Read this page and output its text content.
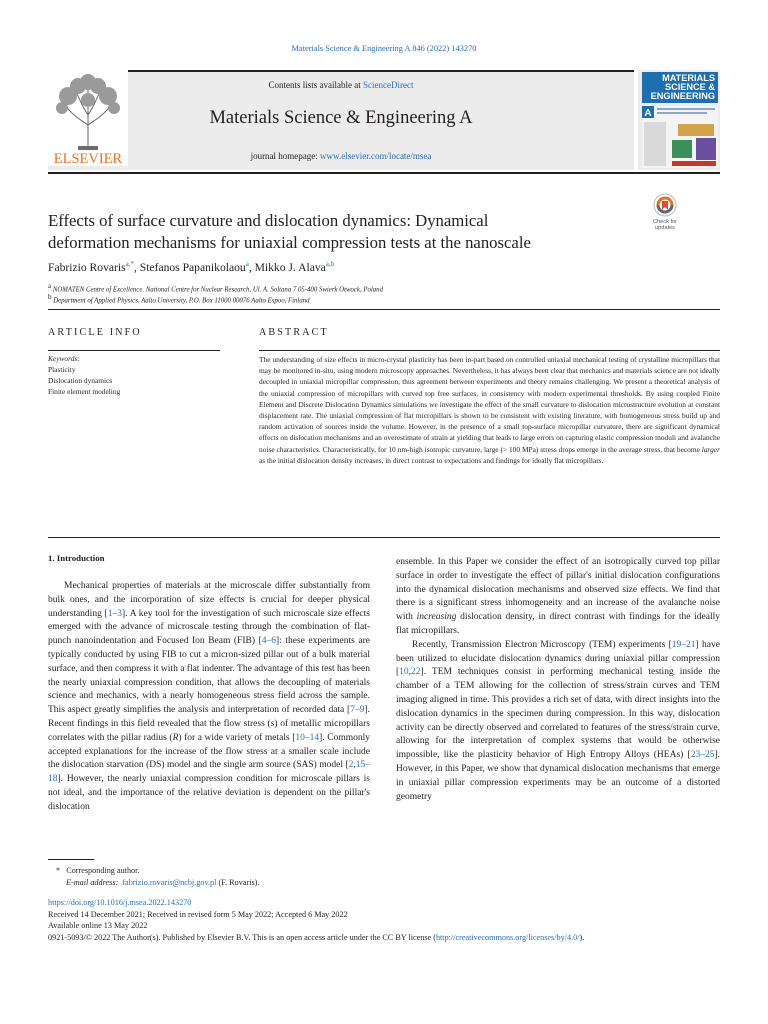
Materials Science & Engineering A 846 (2022) 143270
ELSEVIER
Contents lists available at ScienceDirect
Materials Science & Engineering A
journal homepage: www.elsevier.com/locate/msea
MATERIALS SCIENCE & ENGINEERING
A
Effects of surface curvature and dislocation dynamics: Dynamical
deformation mechanisms for uniaxial compression tests at the nanoscale
Check for
updates
Fabrizio Rovaris$^{a,*}$, Stefanos Papanikolaou$^a$, Mikko J. Alava$^{a,b}$
$^a$ NOMATEN Centre of Excellence. National Centre for Nuclear Research, Ul. A. Soltana 7 05-400 Swierk Otwock, Poland
$^b$ Department of Applied Physics, Aalto University, P.O. Box 11000 00076 Aalto Espoo, Finland
ARTICLE INFO	ABSTRACT
Keywords:
Plasticity
Dislocation dynamics
Finite element modeling
The understanding of size effects in micro-crystal plasticity has been in-part based on controlled uniaxial mechanical testing of crystalline micropillars that may be monitored in-situ, using modern microscopy approaches. Nevertheless, it has always been clear that mechanics and materials science are not ideally decoupled in uniaxial micropillar compression, thus agreement between experiments and theory remains challenging. We present a theoretical analysis of the uniaxial compression of micropillars with curved top free surfaces, in consistency with modern experimental thresholds. By using coupled Finite Element and Discrete Dislocation Dynamics simulations we investigate the effect of the small curvature to dislocation microstructure evolution at constant displacement rate. The uniaxial compression of flat micropillars is shown to be consistent with existing literature, with homogeneous stress build up and random activation of sources inside the volume. However, in the presence of a small top-surface micropillar curvature, there are significant dynamical effects on dislocation mechanisms and an overestimate of strain at yielding that leads to large errors on capturing elastic compression moduli and avalanche noise characteristics. Characteristically, for 10 nm-high isotropic curvature, large (> 100 MPa) stress drops emerge in the average stress, that become larger as the initial dislocation density increases, in direct contrast to expectations and findings for ideally flat micropillars.
1. Introduction
Mechanical properties of materials at the microscale differ substantially from bulk ones, and the incorporation of size effects is crucial for deeper physical understanding [1–3]. A key tool for the investigation of such microscale size effects emerged with the advance of microscale testing through the combination of flat-punch nanoindentation and Focused Ion Beam (FIB) [4–6]: these experiments are typically conducted by using FIB to cut a micron-sized pillar out of a bulk material surface, and then compress it with a flat indenter. The advantage of this test has been the nearly uniaxial compression condition, that allows the decoupling of materials science and mechanics, with a nearly homogeneous stress field across the sample. This aspect greatly simplifies the analysis and interpretation of recorded data [7–9]. Recent findings in this field revealed that the flow stress (s) of metallic micropillars correlates with the pillar radius (R) for a wide variety of metals [10–14]. Commonly accepted explanations for the increase of the flow stress at a smaller scale include the dislocation starvation (DS) model and the single arm source (SAS) model [2,15–18]. However, the nearly uniaxial compression condition for microscale pillars is not ideal, and the importance of the relative deviation is dependent on the pillar's dislocation

ensemble. In this Paper we consider the effect of an isotropically curved top pillar surface in order to investigate the effect of pillar's initial dislocation configurations into the dynamical dislocation mechanisms and observed size effects. We find that there is a significant stress inhomogeneity and an increase of the avalanche noise with increasing dislocation density, in direct contrast with findings for the ideally flat micropillars.

Recently, Transmission Electron Microscopy (TEM) experiments [19–21] have been utilized to elucidate dislocation dynamics during uniaxial pillar compression [10,22]. TEM techniques consist in performing mechanical testing inside the chamber of a TEM allowing for the collection of stress/strain curves and TEM imaging aligned in time. This provides a rich set of data, with direct insights into the dislocation dynamics in the specimen during compression. In this way, dislocation activity can be directly observed and correlated to features of the stress/strain curve, allowing for the interpretation of complex systems that would be otherwise impossible, like the plasticity behavior of High Entropy Alloys (HEAs) [23–25]. However, in this Paper, we show that dynamical dislocation mechanisms that emerge in uniaxial pillar compression experiments may be an outcome of a distorted geometry

* Corresponding author.
E-mail address: fabrizio.rovaris@ncbj.gov.pl (F. Rovaris).
https://doi.org/10.1016/j.msea.2022.143270
Received 14 December 2021; Received in revised form 5 May 2022; Accepted 6 May 2022
Available online 13 May 2022
0921-5093/© 2022 The Author(s). Published by Elsevier B.V. This is an open access article under the CC BY license (http://creativecommons.org/licenses/by/4.0/).
